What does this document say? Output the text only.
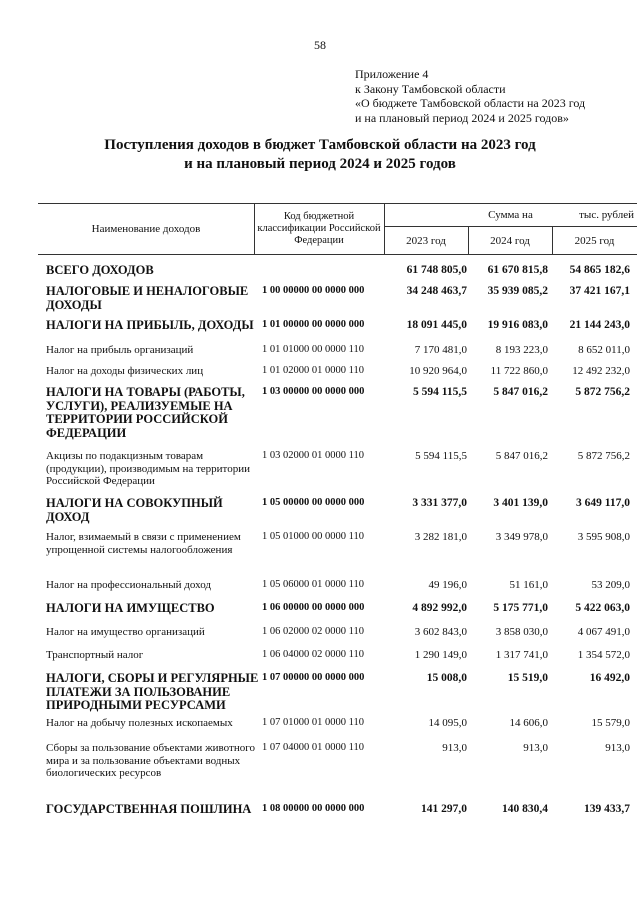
58
Приложение 4
к Закону Тамбовской области
«О бюджете Тамбовской области на 2023 год
и на плановый период 2024 и 2025 годов»
Поступления доходов в бюджет Тамбовской области на 2023 год
и на плановый период 2024 и 2025 годов
тыс. рублей
Наименование доходов
Код бюджетной классификации Российской Федерации
Сумма на
2023 год	2024 год	2025 год
ВСЕГО ДОХОДОВ	61 748 805,0	61 670 815,8	54 865 182,6
НАЛОГОВЫЕ И НЕНАЛОГОВЫЕ ДОХОДЫ
1 00 00000 00 0000 000	34 248 463,7	35 939 085,2	37 421 167,1
НАЛОГИ НА ПРИБЫЛЬ, ДОХОДЫ 1 01 00000 00 0000 000	18 091 445,0	19 916 083,0	21 144 243,0
Налог на прибыль организаций	1 01 01000 00 0000 110	7 170 481,0	8 193 223,0	8 652 011,0
Налог на доходы физических лиц	1 01 02000 01 0000 110	10 920 964,0	11 722 860,0	12 492 232,0
НАЛОГИ НА ТОВАРЫ (РАБОТЫ, УСЛУГИ), РЕАЛИЗУЕМЫЕ НА ТЕРРИТОРИИ РОССИЙСКОЙ ФЕДЕРАЦИИ
1 03 00000 00 0000 000	5 594 115,5	5 847 016,2	5 872 756,2
Акцизы по подакцизным товарам (продукции), производимым на территории Российской Федерации
1 03 02000 01 0000 110	5 594 115,5	5 847 016,2	5 872 756,2
НАЛОГИ НА СОВОКУПНЫЙ ДОХОД
1 05 00000 00 0000 000	3 331 377,0	3 401 139,0	3 649 117,0
Налог, взимаемый в связи с применением упрощенной системы налогообложения
1 05 01000 00 0000 110	3 282 181,0	3 349 978,0	3 595 908,0
Налог на профессиональный доход	1 05 06000 01 0000 110	49 196,0	51 161,0	53 209,0
НАЛОГИ НА ИМУЩЕСТВО	1 06 00000 00 0000 000	4 892 992,0	5 175 771,0	5 422 063,0
Налог на имущество организаций	1 06 02000 02 0000 110	3 602 843,0	3 858 030,0	4 067 491,0
Транспортный налог	1 06 04000 02 0000 110	1 290 149,0	1 317 741,0	1 354 572,0
НАЛОГИ, СБОРЫ И РЕГУЛЯРНЫЕ ПЛАТЕЖИ ЗА ПОЛЬЗОВАНИЕ ПРИРОДНЫМИ РЕСУРСАМИ
1 07 00000 00 0000 000	15 008,0	15 519,0	16 492,0
Налог на добычу полезных ископаемых	1 07 01000 01 0000 110	14 095,0	14 606,0	15 579,0
Сборы за пользование объектами животного мира и за пользование объектами водных биологических ресурсов
1 07 04000 01 0000 110	913,0	913,0	913,0
ГОСУДАРСТВЕННАЯ ПОШЛИНА	1 08 00000 00 0000 000	141 297,0	140 830,4	139 433,7
